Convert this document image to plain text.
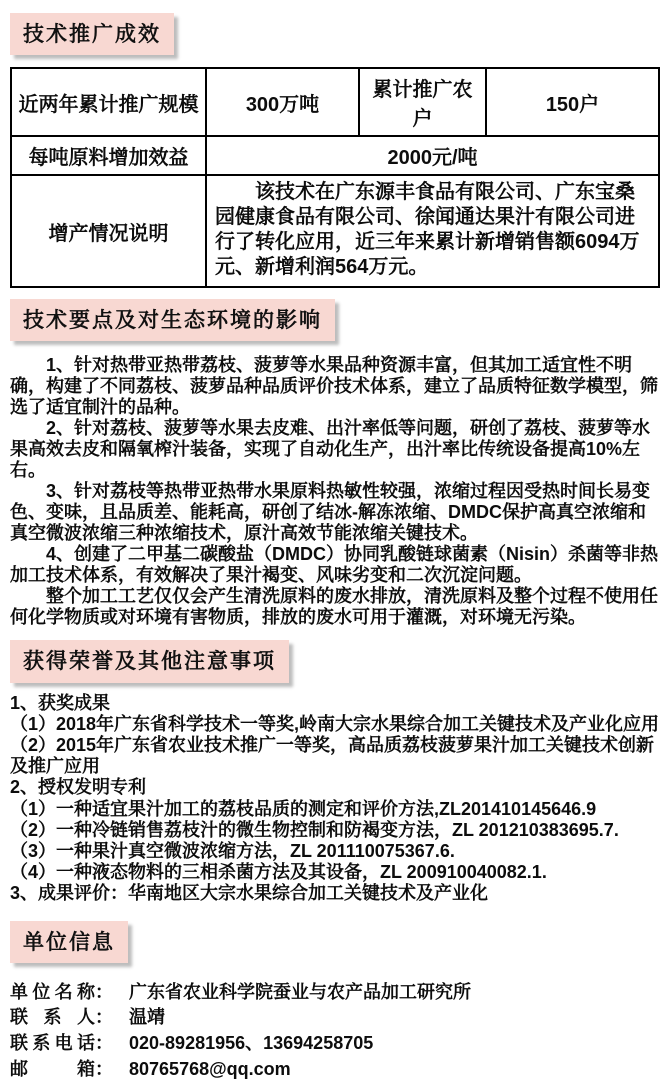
技术推广成效
近两年累计推广规模	300万吨	累计推广农户	150户
每吨原料增加效益	2000元/吨		
增产情况说明	该技术在广东源丰食品有限公司、广东宝桑园健康食品有限公司、徐闻通达果汁有限公司进行了转化应用，近三年来累计新增销售额6094万元、新增利润564万元。		
技术要点及对生态环境的影响

1、针对热带亚热带荔枝、菠萝等水果品种资源丰富，但其加工适宜性不明确，构建了不同荔枝、菠萝品种品质评价技术体系，建立了品质特征数学模型，筛选了适宜制汁的品种。

2、针对荔枝、菠萝等水果去皮难、出汁率低等问题，研创了荔枝、菠萝等水果高效去皮和隔氧榨汁装备，实现了自动化生产，出汁率比传统设备提高10%左右。

3、针对荔枝等热带亚热带水果原料热敏性较强，浓缩过程因受热时间长易变色、变味，且品质差、能耗高，研创了结冰-解冻浓缩、DMDC保护高真空浓缩和真空微波浓缩三种浓缩技术，原汁高效节能浓缩关键技术。

4、创建了二甲基二碳酸盐（DMDC）协同乳酸链球菌素（Nisin）杀菌等非热加工技术体系，有效解决了果汁褐变、风味劣变和二次沉淀问题。

整个加工工艺仅仅会产生清洗原料的废水排放，清洗原料及整个过程不使用任何化学物质或对环境有害物质，排放的废水可用于灌溉，对环境无污染。

获得荣誉及其他注意事项

1、获奖成果

（1）2018年广东省科学技术一等奖,岭南大宗水果综合加工关键技术及产业化应用

（2）2015年广东省农业技术推广一等奖，高品质荔枝菠萝果汁加工关键技术创新及推广应用

2、授权发明专利

（1）一种适宜果汁加工的荔枝品质的测定和评价方法,ZL201410145646.9

（2）一种冷链销售荔枝汁的微生物控制和防褐变方法，ZL 201210383695.7.

（3）一种果汁真空微波浓缩方法，ZL 201110075367.6.

（4）一种液态物料的三相杀菌方法及其设备，ZL 200910040082.1.

3、成果评价：华南地区大宗水果综合加工关键技术及产业化

单位信息
单位名称： 广东省农业科学院蚕业与农产品加工研究所
联系人： 温靖
联系电话： 020-89281956、13694258705
邮箱： 80765768@qq.com
